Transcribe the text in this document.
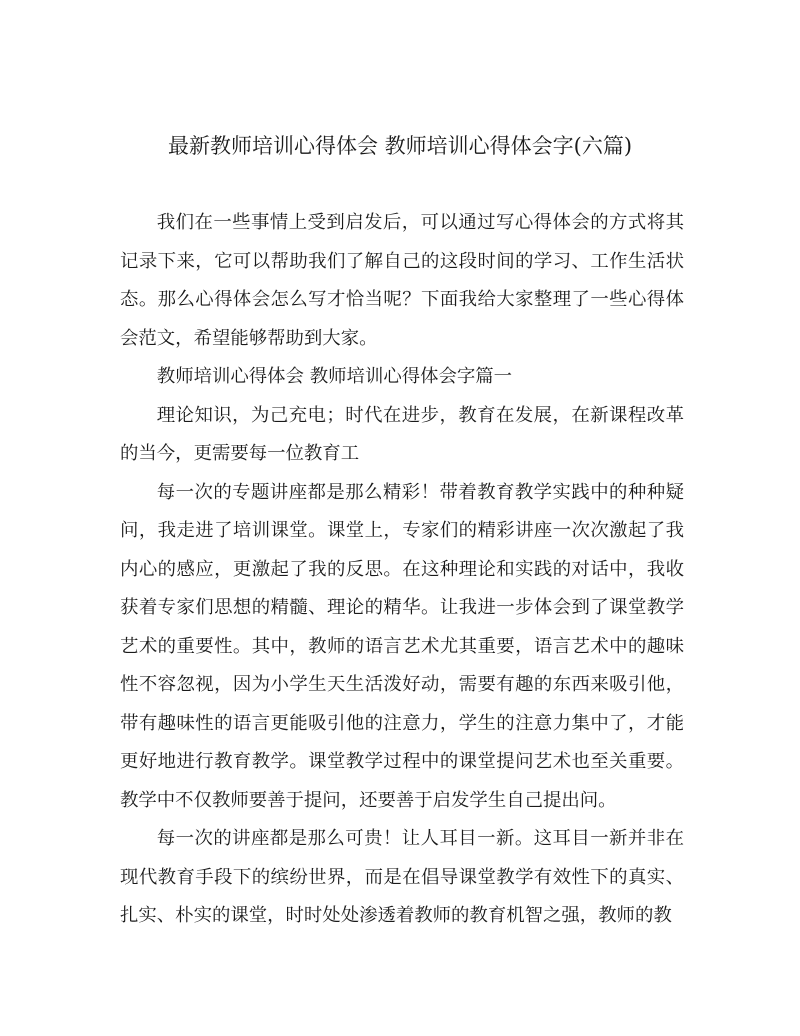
最新教师培训心得体会 教师培训心得体会字(六篇)

我们在一些事情上受到启发后，可以通过写心得体会的方式将其记录下来，它可以帮助我们了解自己的这段时间的学习、工作生活状态。那么心得体会怎么写才恰当呢？下面我给大家整理了一些心得体会范文，希望能够帮助到大家。

教师培训心得体会 教师培训心得体会字篇一

理论知识，为己充电；时代在进步，教育在发展，在新课程改革的当今，更需要每一位教育工

每一次的专题讲座都是那么精彩！带着教育教学实践中的种种疑问，我走进了培训课堂。课堂上，专家们的精彩讲座一次次激起了我内心的感应，更激起了我的反思。在这种理论和实践的对话中，我收获着专家们思想的精髓、理论的精华。让我进一步体会到了课堂教学艺术的重要性。其中，教师的语言艺术尤其重要，语言艺术中的趣味性不容忽视，因为小学生天生活泼好动，需要有趣的东西来吸引他，带有趣味性的语言更能吸引他的注意力，学生的注意力集中了，才能更好地进行教育教学。课堂教学过程中的课堂提问艺术也至关重要。教学中不仅教师要善于提问，还要善于启发学生自己提出问。

每一次的讲座都是那么可贵！让人耳目一新。这耳目一新并非在现代教育手段下的缤纷世界，而是在倡导课堂教学有效性下的真实、扎实、朴实的课堂，时时处处渗透着教师的教育机智之强，教师的教
